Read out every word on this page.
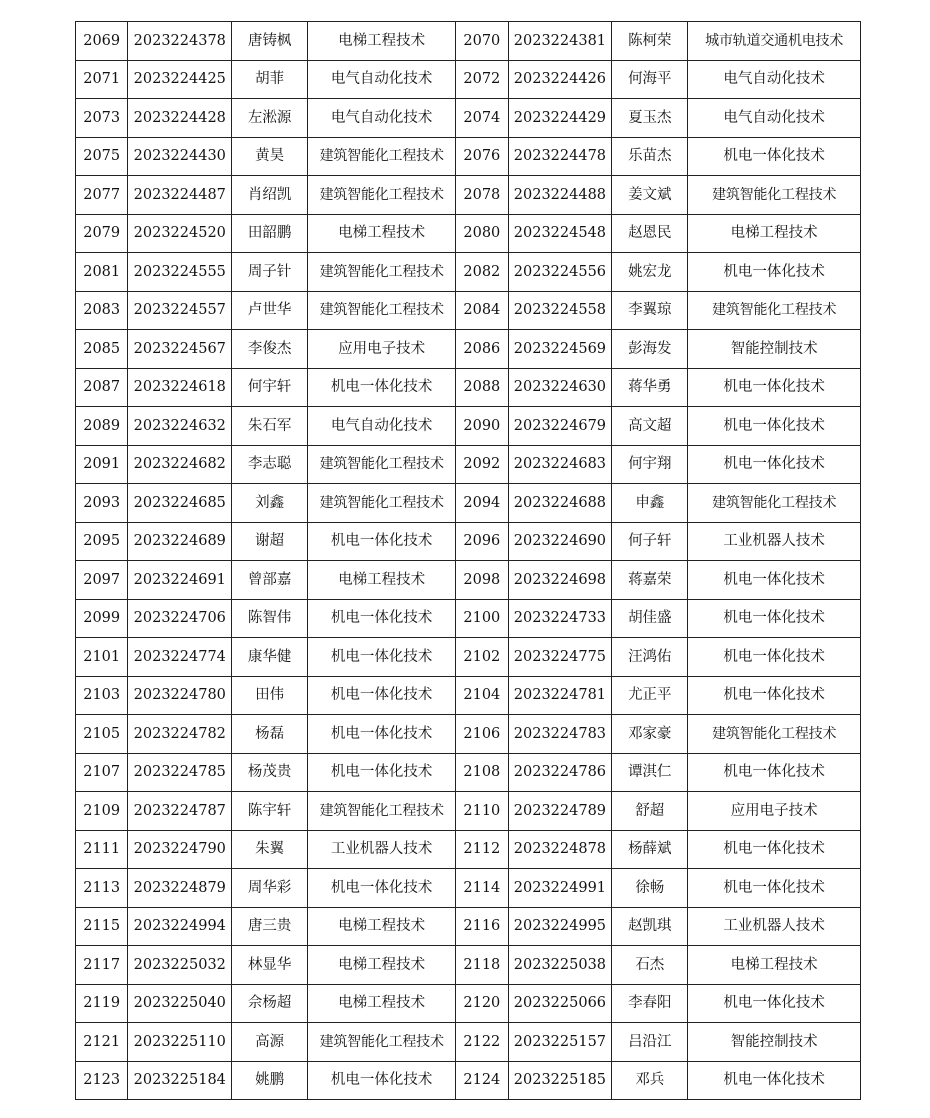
2069	2023224378	唐铸枫	电梯工程技术	2070	2023224381	陈柯荣	城市轨道交通机电技术
2071	2023224425	胡菲	电气自动化技术	2072	2023224426	何海平	电气自动化技术
2073	2023224428	左淞源	电气自动化技术	2074	2023224429	夏玉杰	电气自动化技术
2075	2023224430	黄昊	建筑智能化工程技术	2076	2023224478	乐苗杰	机电一体化技术
2077	2023224487	肖绍凯	建筑智能化工程技术	2078	2023224488	姜文斌	建筑智能化工程技术
2079	2023224520	田韶鹏	电梯工程技术	2080	2023224548	赵恩民	电梯工程技术
2081	2023224555	周子针	建筑智能化工程技术	2082	2023224556	姚宏龙	机电一体化技术
2083	2023224557	卢世华	建筑智能化工程技术	2084	2023224558	李翼琼	建筑智能化工程技术
2085	2023224567	李俊杰	应用电子技术	2086	2023224569	彭海发	智能控制技术
2087	2023224618	何宇轩	机电一体化技术	2088	2023224630	蒋华勇	机电一体化技术
2089	2023224632	朱石军	电气自动化技术	2090	2023224679	高文超	机电一体化技术
2091	2023224682	李志聪	建筑智能化工程技术	2092	2023224683	何宇翔	机电一体化技术
2093	2023224685	刘鑫	建筑智能化工程技术	2094	2023224688	申鑫	建筑智能化工程技术
2095	2023224689	谢超	机电一体化技术	2096	2023224690	何子轩	工业机器人技术
2097	2023224691	曾部嘉	电梯工程技术	2098	2023224698	蒋嘉荣	机电一体化技术
2099	2023224706	陈智伟	机电一体化技术	2100	2023224733	胡佳盛	机电一体化技术
2101	2023224774	康华健	机电一体化技术	2102	2023224775	汪鸿佑	机电一体化技术
2103	2023224780	田伟	机电一体化技术	2104	2023224781	尤正平	机电一体化技术
2105	2023224782	杨磊	机电一体化技术	2106	2023224783	邓家豪	建筑智能化工程技术
2107	2023224785	杨茂贵	机电一体化技术	2108	2023224786	谭淇仁	机电一体化技术
2109	2023224787	陈宇轩	建筑智能化工程技术	2110	2023224789	舒超	应用电子技术
2111	2023224790	朱翼	工业机器人技术	2112	2023224878	杨薛斌	机电一体化技术
2113	2023224879	周华彩	机电一体化技术	2114	2023224991	徐畅	机电一体化技术
2115	2023224994	唐三贵	电梯工程技术	2116	2023224995	赵凯琪	工业机器人技术
2117	2023225032	林显华	电梯工程技术	2118	2023225038	石杰	电梯工程技术
2119	2023225040	佘杨超	电梯工程技术	2120	2023225066	李春阳	机电一体化技术
2121	2023225110	高源	建筑智能化工程技术	2122	2023225157	吕沿江	智能控制技术
2123	2023225184	姚鹏	机电一体化技术	2124	2023225185	邓兵	机电一体化技术
